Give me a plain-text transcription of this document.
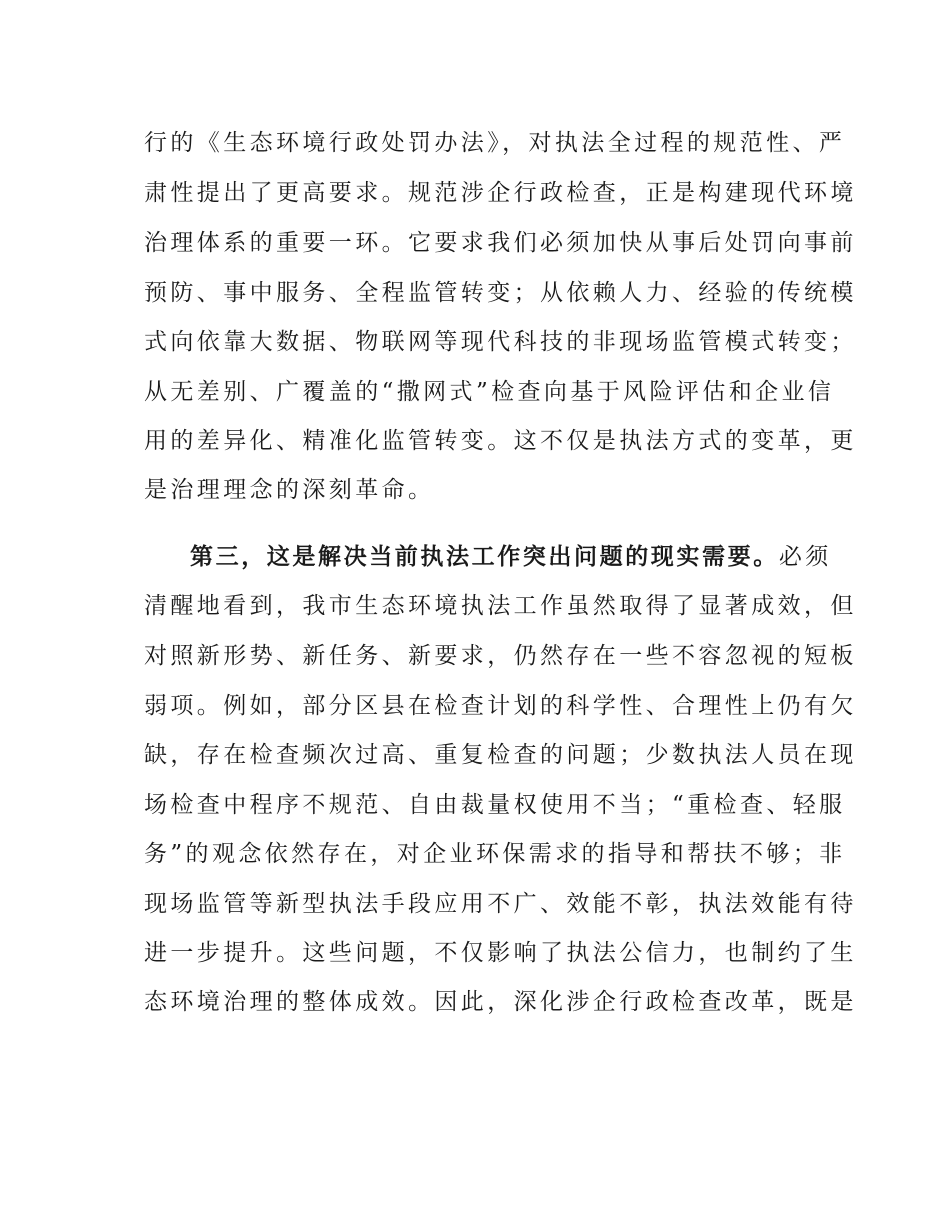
行的《生态环境行政处罚办法》，对执法全过程的规范性、严
肃性提出了更高要求。规范涉企行政检查，正是构建现代环境
治理体系的重要一环。它要求我们必须加快从事后处罚向事前
预防、事中服务、全程监管转变；从依赖人力、经验的传统模
式向依靠大数据、物联网等现代科技的非现场监管模式转变；
从无差别、广覆盖的“撒网式”检查向基于风险评估和企业信
用的差异化、精准化监管转变。这不仅是执法方式的变革，更
是治理理念的深刻革命。
第三，这是解决当前执法工作突出问题的现实需要。必须
清醒地看到，我市生态环境执法工作虽然取得了显著成效，但
对照新形势、新任务、新要求，仍然存在一些不容忽视的短板
弱项。例如，部分区县在检查计划的科学性、合理性上仍有欠
缺，存在检查频次过高、重复检查的问题；少数执法人员在现
场检查中程序不规范、自由裁量权使用不当；“重检查、轻服
务”的观念依然存在，对企业环保需求的指导和帮扶不够；非
现场监管等新型执法手段应用不广、效能不彰，执法效能有待
进一步提升。这些问题，不仅影响了执法公信力，也制约了生
态环境治理的整体成效。因此，深化涉企行政检查改革，既是
